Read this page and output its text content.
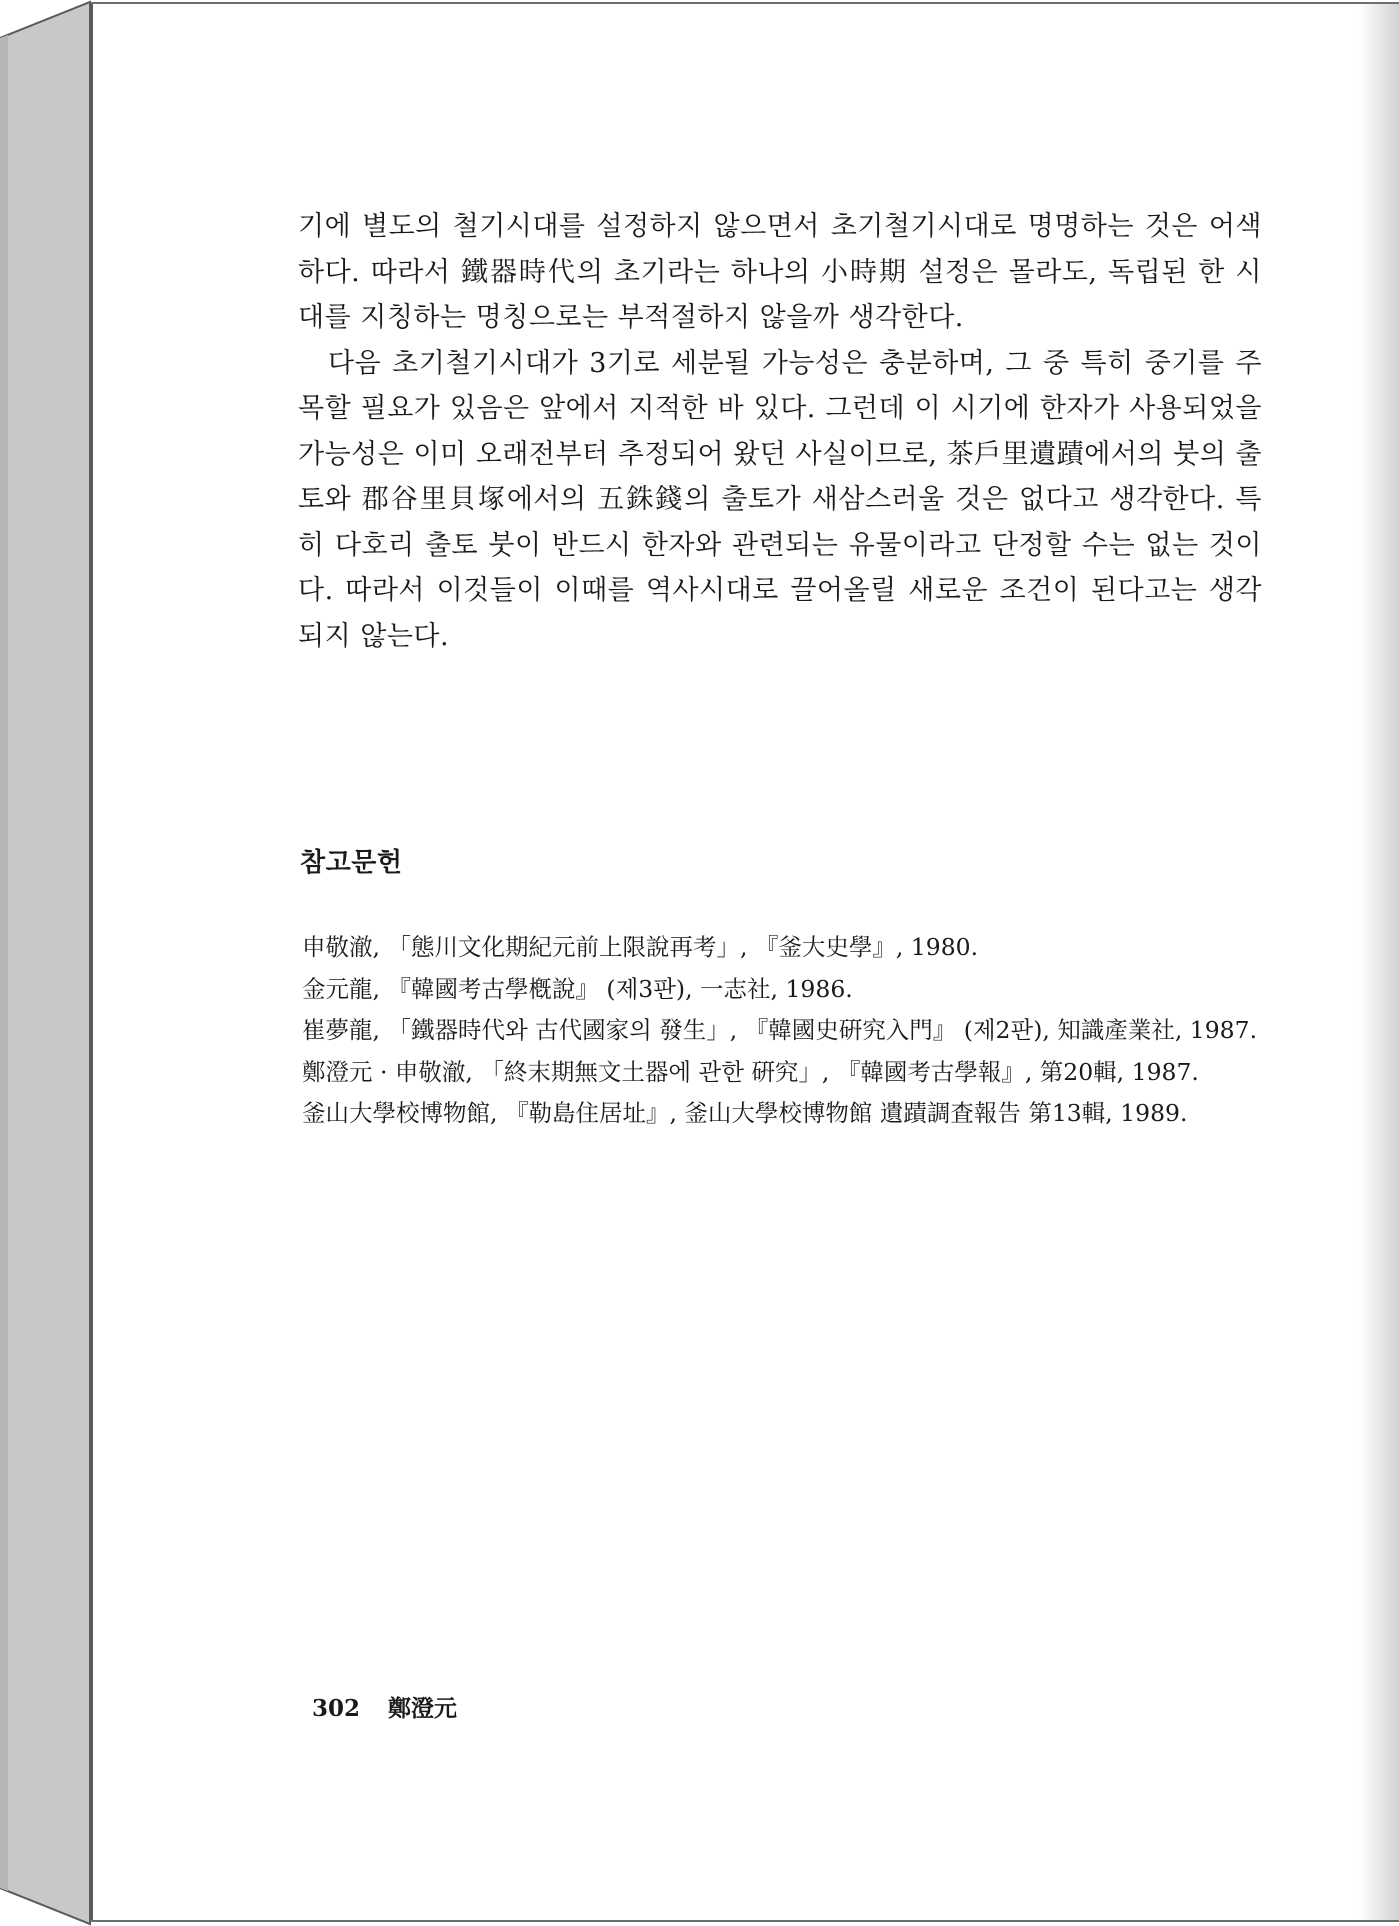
기에 별도의 철기시대를 설정하지 않으면서 초기철기시대로 명명하는 것은 어색하다. 따라서 鐵器時代의 초기라는 하나의 小時期 설정은 몰라도, 독립된 한 시대를 지칭하는 명칭으로는 부적절하지 않을까 생각한다.

다음 초기철기시대가 3기로 세분될 가능성은 충분하며, 그 중 특히 중기를 주목할 필요가 있음은 앞에서 지적한 바 있다. 그런데 이 시기에 한자가 사용되었을 가능성은 이미 오래전부터 추정되어 왔던 사실이므로, 茶戶里遺蹟에서의 붓의 출토와 郡谷里貝塚에서의 五銖錢의 출토가 새삼스러울 것은 없다고 생각한다. 특히 다호리 출토 붓이 반드시 한자와 관련되는 유물이라고 단정할 수는 없는 것이다. 따라서 이것들이 이때를 역사시대로 끌어올릴 새로운 조건이 된다고는 생각되지 않는다.

참고문헌

申敬澈, 「態川文化期紀元前上限說再考」, 『釜大史學』, 1980.

金元龍, 『韓國考古學槪說』 (제3판), 一志社, 1986.

崔夢龍, 「鐵器時代와 古代國家의 發生」, 『韓國史硏究入門』 (제2판), 知識產業社, 1987.

鄭澄元 · 申敬澈, 「終末期無文土器에 관한 硏究」, 『韓國考古學報』, 第20輯, 1987.

釜山大學校博物館, 『勒島住居址』, 釜山大學校博物館 遺蹟調査報告 第13輯, 1989.

302 鄭澄元
